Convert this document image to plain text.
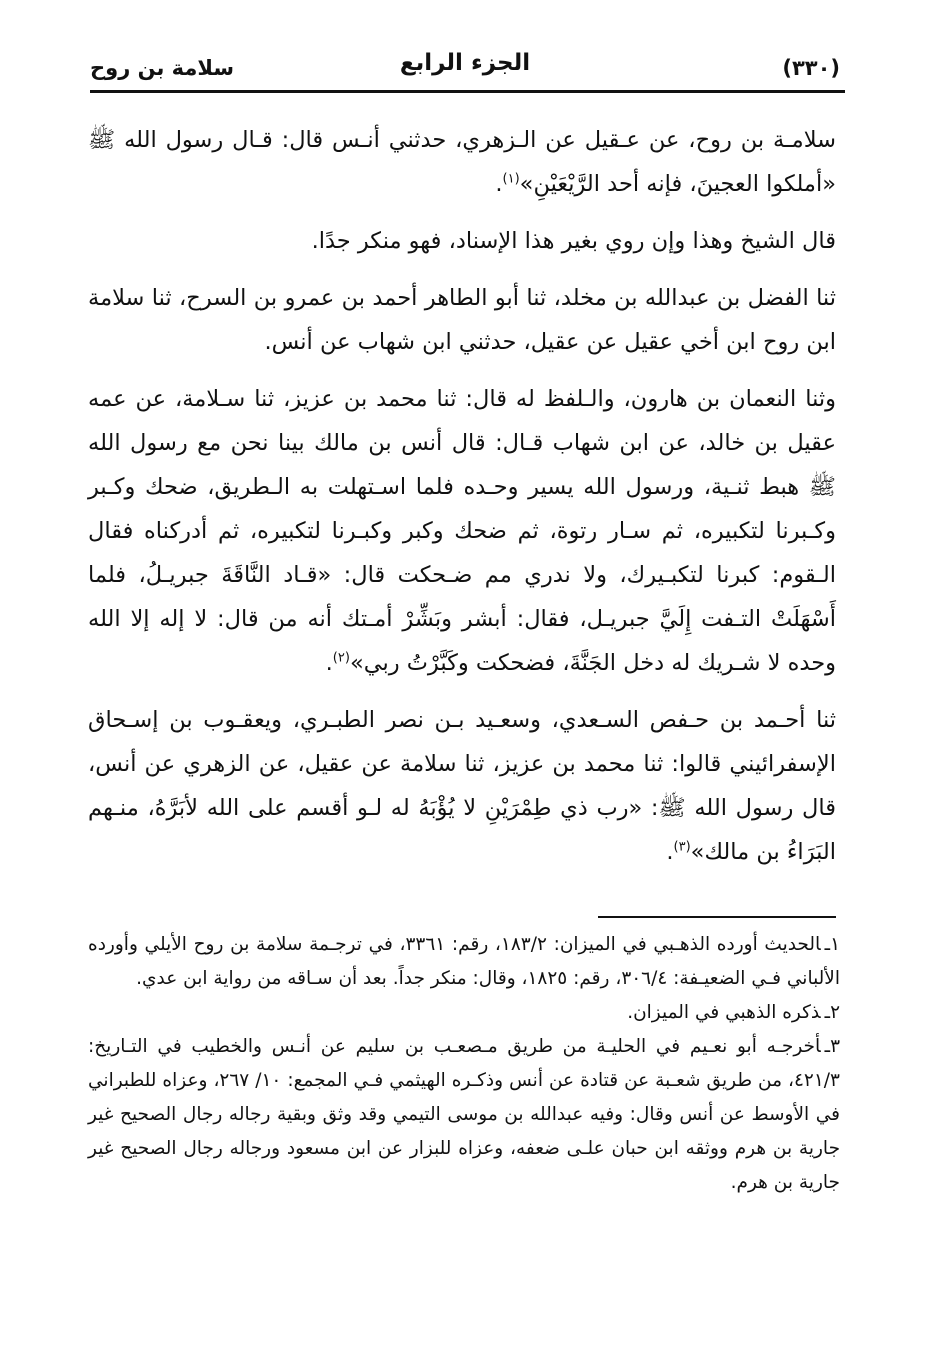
(٣٣٠)
الجزء الرابع
سلامة بن روح

سلامـة بن روح، عن عـقيل عن الـزهري، حدثني أنـس قال: قـال رسول الله ﷺ «أملكوا العجينَ، فإنه أحد الرَّيْعَيْنِ»$^{(١)}$.

قال الشيخ وهذا وإن روي بغير هذا الإسناد، فهو منكر جدًا.

ثنا الفضل بن عبدالله بن مخلد، ثنا أبو الطاهر أحمد بن عمرو بن السرح، ثنا سلامة ابن روح ابن أخي عقيل عن عقيل، حدثني ابن شهاب عن أنس.

وثنا النعمان بن هارون، والـلفظ له قال: ثنا محمد بن عزيز، ثنا سـلامة، عن عمه عقيل بن خالد، عن ابن شهاب قـال: قال أنس بن مالك بينا نحن مع رسول الله ﷺ هبط ثنـية، ورسول الله يسير وحـده فلما اسـتهلت به الـطريق، ضحك وكـبر وكـبرنا لتكبيره، ثم سـار رتوة، ثم ضحك وكبر وكبـرنا لتكبيره، ثم أدركناه فقال الـقوم: كبرنا لتكبـيرك، ولا ندري مم ضـحكت قال: «قـاد النَّاقَةَ جبريـلُ، فلما أَسْهَلَتْ التـفت إِلَيَّ جبريـل، فقال: أبشر وبَشِّرْ أمـتك أنه من قال: لا إله إلا الله وحده لا شـريك له دخل الجَنَّةَ، فضحكت وكَبَّرْتُ ربي»$^{(٢)}$.

ثنا أحـمد بن حـفص السـعدي، وسعـيد بـن نصر الطبـري، ويعقـوب بن إسـحاق الإسفرائيني قالوا: ثنا محمد بن عزيز، ثنا سلامة عن عقيل، عن الزهري عن أنس، قال رسول الله ﷺ: «رب ذي طِمْرَيْنِ لا يُؤْبَهُ له لـو أقسم على الله لأبَرَّهُ، منـهم البَرَاءُ بن مالك»$^{(٣)}$.

١ـالحديث أورده الذهـبي في الميزان: ١٨٣/٢، رقم: ٣٣٦١، في ترجـمة سلامة بن روح الأيلي وأورده الألباني فـي الضعيـفة: ٣٠٦/٤، رقم: ١٨٢٥، وقال: منكر جداً. بعد أن سـاقه من رواية ابن عدي.

٢ـذكره الذهبي في الميزان.

٣ـأخرجـه أبو نعـيم في الحليـة من طريق مـصعـب بن سليم عن أنـس والخطيب في التـاريخ: ٤٢١/٣، من طريق شعـبة عن قتادة عن أنس وذكـره الهيثمي فـي المجمع: ١٠/ ٢٦٧، وعزاه للطبراني في الأوسط عن أنس وقال: وفيه عبدالله بن موسى التيمي وقد وثق وبقية رجاله رجال الصحيح غير جارية بن هرم ووثقه ابن حبان علـى ضعفه، وعزاه للبزار عن ابن مسعود ورجاله رجال الصحيح غير جارية بن هرم.
